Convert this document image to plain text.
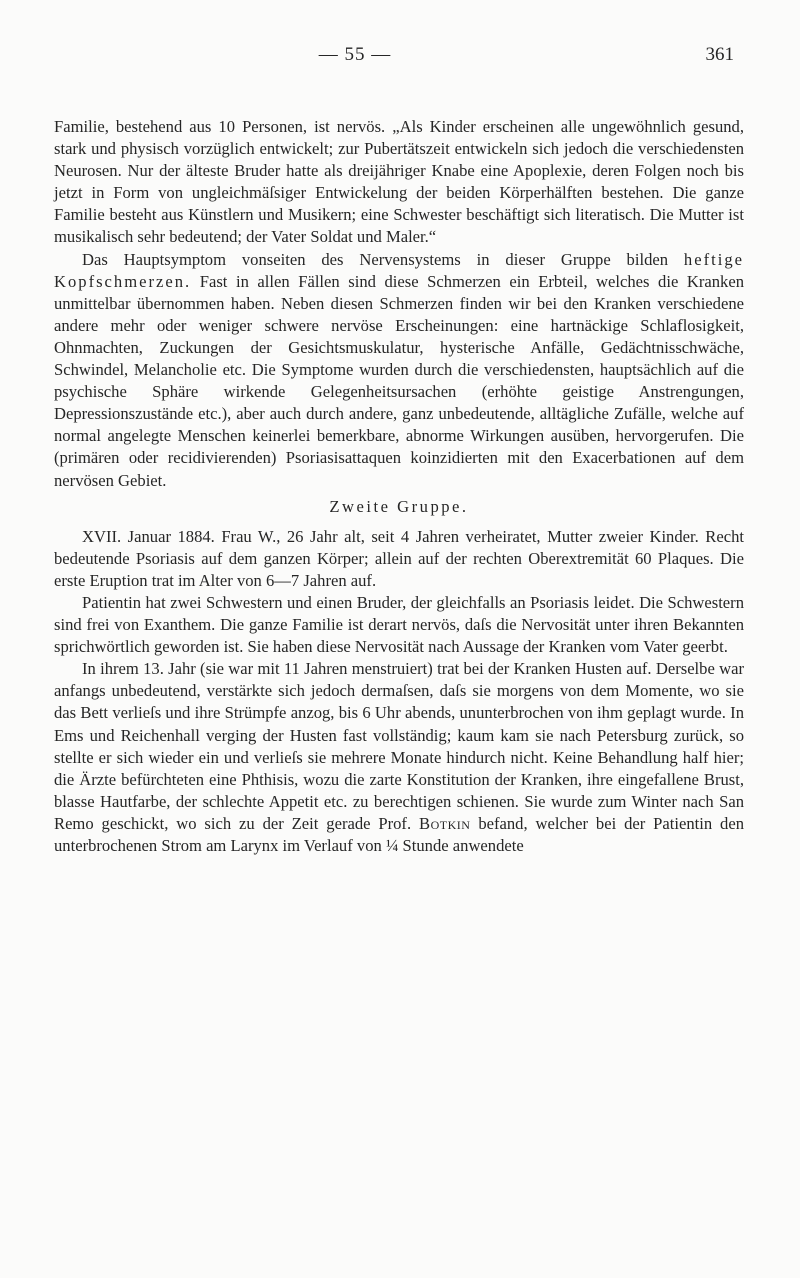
— 55 —	361

Familie, bestehend aus 10 Personen, ist nervös. „Als Kinder erscheinen alle ungewöhnlich gesund, stark und physisch vorzüglich entwickelt; zur Pubertätszeit entwickeln sich jedoch die verschiedensten Neurosen. Nur der älteste Bruder hatte als dreijähriger Knabe eine Apoplexie, deren Folgen noch bis jetzt in Form von ungleichmäſsiger Entwickelung der beiden Körperhälften bestehen. Die ganze Familie besteht aus Künstlern und Musikern; eine Schwester beschäftigt sich literatisch. Die Mutter ist musikalisch sehr bedeutend; der Vater Soldat und Maler.“

Das Hauptsymptom vonseiten des Nervensystems in dieser Gruppe bilden heftige Kopfschmerzen. Fast in allen Fällen sind diese Schmerzen ein Erbteil, welches die Kranken unmittelbar übernommen haben. Neben diesen Schmerzen finden wir bei den Kranken verschiedene andere mehr oder weniger schwere nervöse Erscheinungen: eine hartnäckige Schlaflosigkeit, Ohnmachten, Zuckungen der Gesichtsmuskulatur, hysterische Anfälle, Gedächtnisschwäche, Schwindel, Melancholie etc. Die Symptome wurden durch die verschiedensten, hauptsächlich auf die psychische Sphäre wirkende Gelegenheitsursachen (erhöhte geistige Anstrengungen, Depressionszustände etc.), aber auch durch andere, ganz unbedeutende, alltägliche Zufälle, welche auf normal angelegte Menschen keinerlei bemerkbare, abnorme Wirkungen ausüben, hervorgerufen. Die (primären oder recidivierenden) Psoriasisattaquen koinzidierten mit den Exacerbationen auf dem nervösen Gebiet.

Zweite Gruppe.

XVII. Januar 1884. Frau W., 26 Jahr alt, seit 4 Jahren verheiratet, Mutter zweier Kinder. Recht bedeutende Psoriasis auf dem ganzen Körper; allein auf der rechten Oberextremität 60 Plaques. Die erste Eruption trat im Alter von 6—7 Jahren auf.

Patientin hat zwei Schwestern und einen Bruder, der gleichfalls an Psoriasis leidet. Die Schwestern sind frei von Exanthem. Die ganze Familie ist derart nervös, daſs die Nervosität unter ihren Bekannten sprichwörtlich geworden ist. Sie haben diese Nervosität nach Aussage der Kranken vom Vater geerbt.

In ihrem 13. Jahr (sie war mit 11 Jahren menstruiert) trat bei der Kranken Husten auf. Derselbe war anfangs unbedeutend, verstärkte sich jedoch dermaſsen, daſs sie morgens von dem Momente, wo sie das Bett verlieſs und ihre Strümpfe anzog, bis 6 Uhr abends, ununterbrochen von ihm geplagt wurde. In Ems und Reichenhall verging der Husten fast vollständig; kaum kam sie nach Petersburg zurück, so stellte er sich wieder ein und verlieſs sie mehrere Monate hindurch nicht. Keine Behandlung half hier; die Ärzte befürchteten eine Phthisis, wozu die zarte Konstitution der Kranken, ihre eingefallene Brust, blasse Hautfarbe, der schlechte Appetit etc. zu berechtigen schienen. Sie wurde zum Winter nach San Remo geschickt, wo sich zu der Zeit gerade Prof. Botkin befand, welcher bei der Patientin den unterbrochenen Strom am Larynx im Verlauf von ¼ Stunde anwendete
